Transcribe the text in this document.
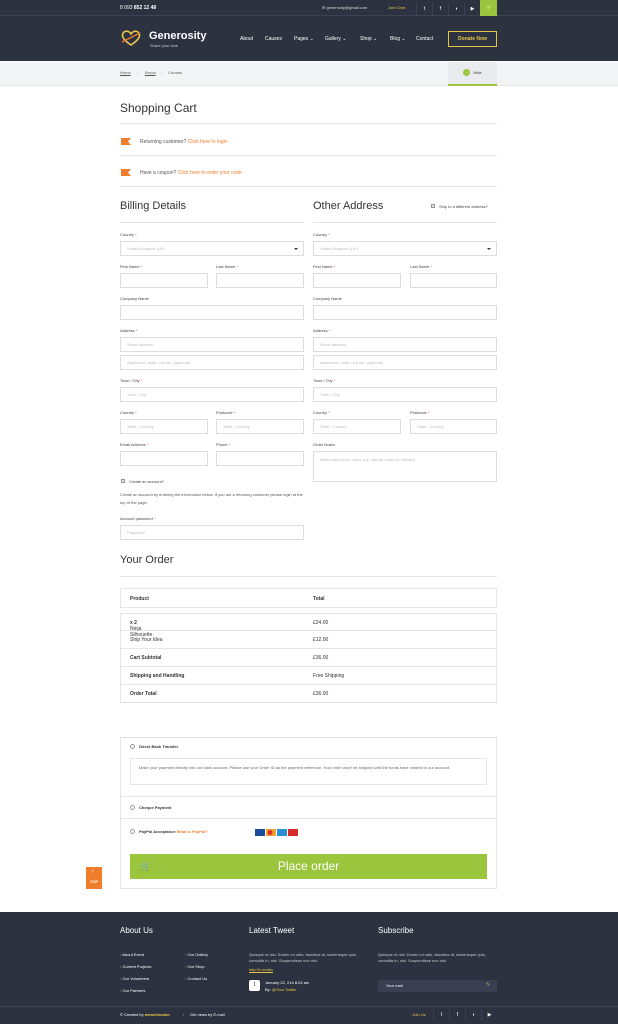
8 093 852 12 48	✉ generosity@gmail.com	John Doe	t	f	◗	▶	⌕
Generosity
Share your love
About Causes Pages ⌄ Gallery ⌄	Shop ⌄	Blog ⌄ Contact	Donate Now
Home › Brood › Crumbs	− Hide
Shopping Cart
Returning customer? Click here to login
Have a coupon? Click here to enter your code
Billing Details
Country *
United Kingdom (UK)
First Name *	Last Name *
Company Name
Address *
Street address
Apartment, suite, unit etc. (optional)
Town / City *
Town / City
Country *
State / Country
Postcode *
State / Country
Email Address *	Phone *
✓ Create an account?
Create an account by entering the information below. If you are a returning customer please login at the top of the page.
Account password *
Password
Other Address	✓ Ship to a different address?
Country *
United Kingdom (UK)
First Name *	Last Name *
Company Name
Address *
Street address
Apartment, suite, unit etc. (optional)
Town / City *
Town / City
Country *
State / Country
Postcode *
State / Country
Order Notes
Notes about your order, e.g. special notes for delivery.
Your Order
Product	Total
Ninja Silhouette
x 2	£24.00
Ship Your Idea	£12.00
Cart Subtotal	£36.00
Shipping and Handling	Free Shipping
Order Total	£36.00
Direct Bank Transfer
Make your payment directly into our bank account. Please use your Order ID as the payment reference. Your order won't be shipped until the funds have cleared in our account.
Cheque Payment
PayPal Acceptance What is PayPal?
🛒	Place order
↑
TOP
About Us
› About Event
› Current Projects
› Our Volunteers
› Our Partners
› Our Gallery
› Our Shop
› Contact Us
Latest Tweet
Quisque ut nisl. Donec mi odio, faucibus at, scelerisque quis, convallis in, nisi. Suspendisse non nisl.
http://t.co/abc
t	January 22, 214 8:24 am
By: @Your.Twitter
Subscribe
Quisque ut nisl. Donec mi odio, faucibus at, scelerisque quis, convallis in, nisi. Suspendisse non nisl.
Your mail	✎
© Created by weweblooder	/ Get news by E-mail	Join Us	t	f	◗	▶
